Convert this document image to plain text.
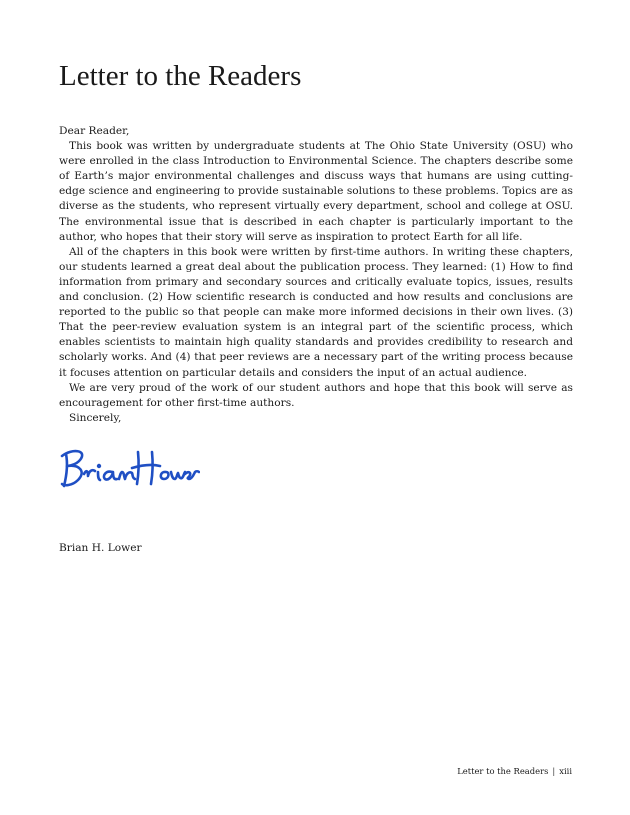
Letter to the Readers

Dear Reader,

This book was written by undergraduate students at The Ohio State University (OSU) who were enrolled in the class Introduction to Environmental Science. The chapters describe some of Earth’s major environmental challenges and discuss ways that humans are using cutting-edge science and engineering to provide sustainable solutions to these problems. Topics are as diverse as the students, who represent virtually every department, school and college at OSU. The environmental issue that is described in each chapter is particularly important to the author, who hopes that their story will serve as inspiration to protect Earth for all life.

All of the chapters in this book were written by first-time authors. In writing these chapters, our students learned a great deal about the publication process. They learned: (1) How to find information from primary and secondary sources and critically evaluate topics, issues, results and conclusion. (2) How scientific research is conducted and how results and conclusions are reported to the public so that people can make more informed decisions in their own lives. (3) That the peer-review evaluation system is an integral part of the scientific process, which enables scientists to maintain high quality standards and provides credibility to research and scholarly works. And (4) that peer reviews are a necessary part of the writing process because it focuses attention on particular details and considers the input of an actual audience.

We are very proud of the work of our student authors and hope that this book will serve as encouragement for other first-time authors.

Sincerely,

Brian H. Lower

Letter to the Readers | xiii
